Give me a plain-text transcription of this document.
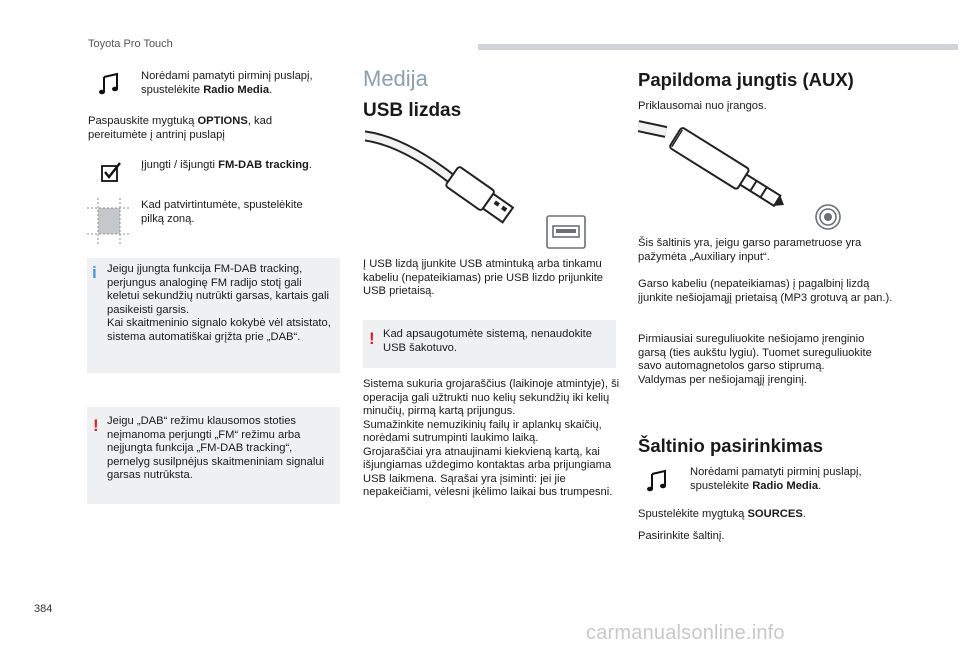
Toyota Pro Touch

Norėdami pamatyti pirminį puslapį, spustelėkite Radio Media.

Paspauskite mygtuką OPTIONS, kad pereitumėte į antrinį puslapį

Įjungti / išjungti FM-DAB tracking.

Kad patvirtintumėte, spustelėkite pilką zoną.

i Jeigu įjungta funkcija FM-DAB tracking, perjungus analoginę FM radijo stotį gali keletui sekundžių nutrūkti garsas, kartais gali pasikeisti garsis.
Kai skaitmeninio signalo kokybė vėl atsistato, sistema automatiškai grįžta prie „DAB“.

! Jeigu „DAB“ režimu klausomos stoties neįmanoma perjungti „FM“ režimu arba neįjungta funkcija „FM-DAB tracking“, pernelyg susilpnėjus skaitmeniniam signalui garsas nutrūksta.

Medija
USB lizdas

Į USB lizdą įjunkite USB atmintuką arba tinkamu kabeliu (nepateikiamas) prie USB lizdo prijunkite USB prietaisą.

! Kad apsaugotumėte sistemą, nenaudokite USB šakotuvo.

Sistema sukuria grojaraščius (laikinoje atmintyje), ši operacija gali užtrukti nuo kelių sekundžių iki kelių minučių, pirmą kartą prijungus.
Sumažinkite nemuzikinių failų ir aplankų skaičių, norėdami sutrumpinti laukimo laiką.
Grojaraščiai yra atnaujinami kiekvieną kartą, kai išjungiamas uždegimo kontaktas arba prijungiama USB laikmena. Sąrašai yra įsiminti: jei jie nepakeičiami, vėlesni įkėlimo laikai bus trumpesni.

Papildoma jungtis (AUX)

Priklausomai nuo įrangos.

Šis šaltinis yra, jeigu garso parametruose yra pažymėta „Auxiliary input“.

Garso kabeliu (nepateikiamas) į pagalbinį lizdą įjunkite nešiojamąjį prietaisą (MP3 grotuvą ar pan.).

Pirmiausiai sureguliuokite nešiojamo įrenginio garsą (ties aukštu lygiu). Tuomet sureguliuokite savo automagnetolos garso stiprumą.
Valdymas per nešiojamąjį įrenginį.

Šaltinio pasirinkimas

Norėdami pamatyti pirminį puslapį, spustelėkite Radio Media.

Spustelėkite mygtuką SOURCES.

Pasirinkite šaltinį.

384
carmanualsonline.info
